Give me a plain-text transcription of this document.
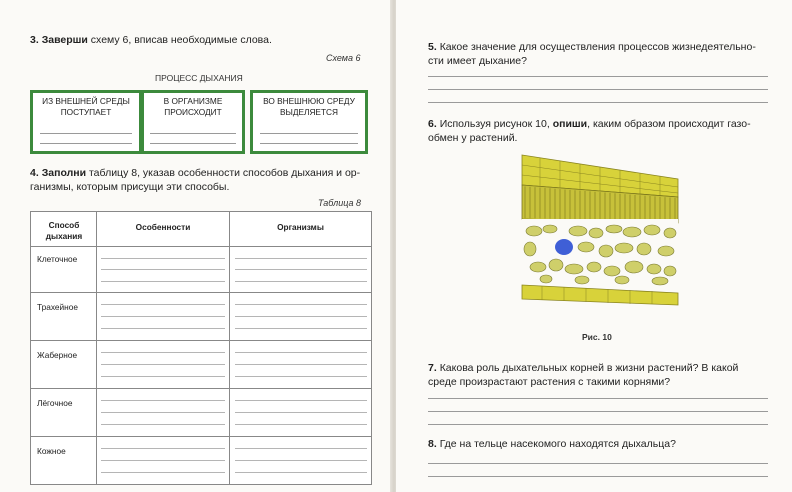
3. Заверши схему 6, вписав необходимые слова.
Схема 6
ПРОЦЕСС ДЫХАНИЯ
ИЗ ВНЕШНЕЙ СРЕДЫ ПОСТУПАЕТ
В ОРГАНИЗМЕ ПРОИСХОДИТ
ВО ВНЕШНЮЮ СРЕДУ ВЫДЕЛЯЕТСЯ
4. Заполни таблицу 8, указав особенности способов дыхания и ор-
ганизмы, которым присущи эти способы.
Таблица 8
Способ дыхания
Особенности	Организмы
Клеточное
Трахейное
Жаберное
Лёгочное
Кожное
5. Какое значение для осуществления процессов жизнедеятельно-
сти имеет дыхание?
6. Используя рисунок 10, опиши, каким образом происходит газо-
обмен у растений.
Рис. 10
7. Какова роль дыхательных корней в жизни растений? В какой
среде произрастают растения с такими корнями?
8. Где на тельце насекомого находятся дыхальца?
